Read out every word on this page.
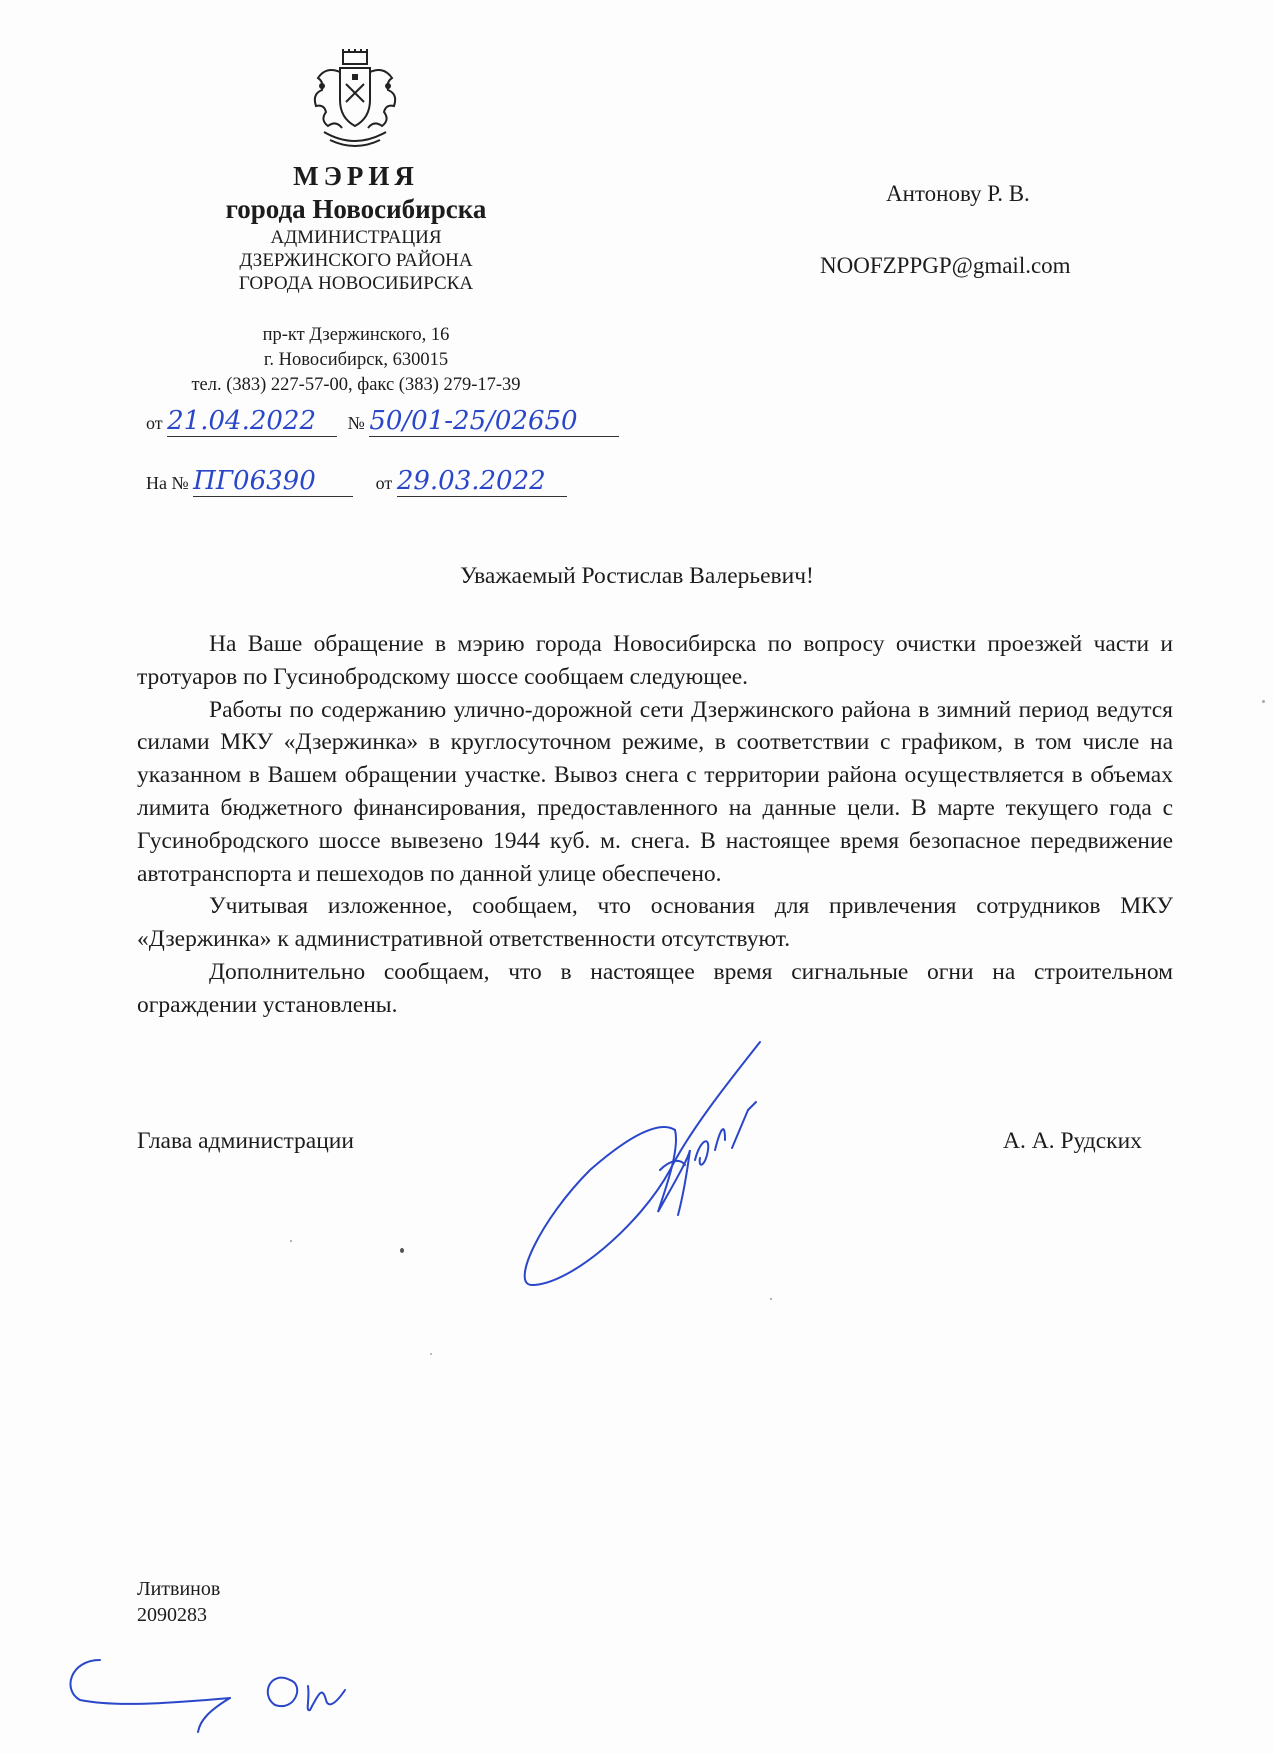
МЭРИЯ

города Новосибирска

АДМИНИСТРАЦИЯ

ДЗЕРЖИНСКОГО РАЙОНА

ГОРОДА НОВОСИБИРСКА

пр-кт Дзержинского, 16
г. Новосибирск, 630015
тел. (383) 227-57-00, факс (383) 279-17-39
от 21.04.2022 № 50/01-25/02650
На № ПГ06390	от 29.03.2022
Антонову Р. В.
NOOFZPPGP@gmail.com
Уважаемый Ростислав Валерьевич!

На Ваше обращение в мэрию города Новосибирска по вопросу очистки проезжей части и тротуаров по Гусинобродскому шоссе сообщаем следующее.

Работы по содержанию улично-дорожной сети Дзержинского района в зимний период ведутся силами МКУ «Дзержинка» в круглосуточном режиме, в соответствии с графиком, в том числе на указанном в Вашем обращении участке. Вывоз снега с территории района осуществляется в объемах лимита бюджетного финансирования, предоставленного на данные цели. В марте текущего года с Гусинобродского шоссе вывезено 1944 куб. м. снега. В настоящее время безопасное передвижение автотранспорта и пешеходов по данной улице обеспечено.

Учитывая изложенное, сообщаем, что основания для привлечения сотрудников МКУ «Дзержинка» к административной ответственности отсутствуют.

Дополнительно сообщаем, что в настоящее время сигнальные огни на строительном ограждении установлены.

Глава администрации	А. А. Рудских
Литвинов
2090283
